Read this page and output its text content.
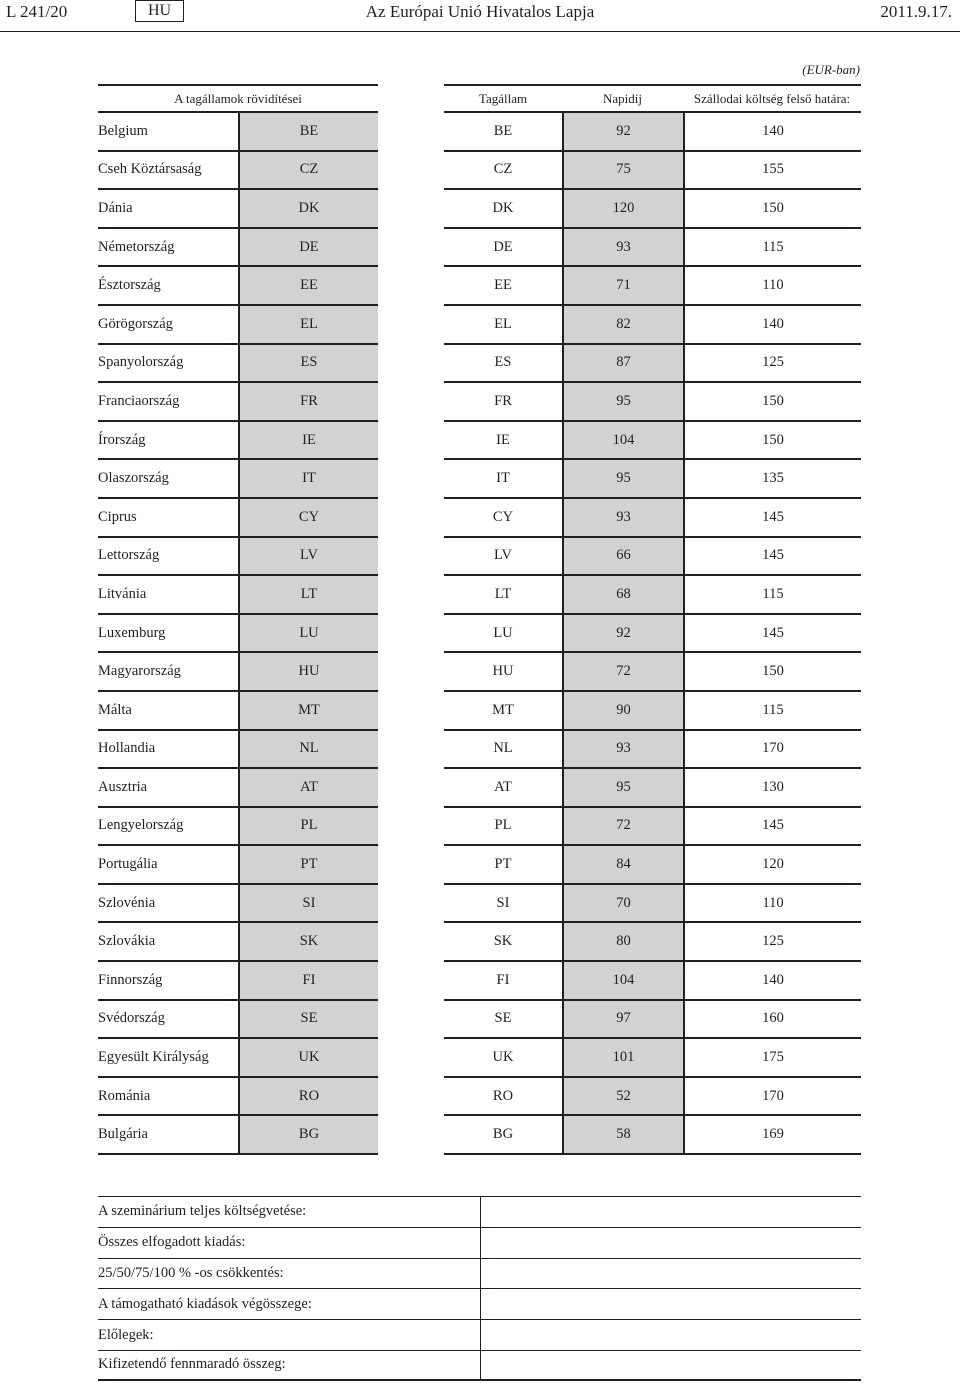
L 241/20	HU	Az Európai Unió Hivatalos Lapja	2011.9.17.
(EUR-ban)
A tagállamok rövidítései
Belgium	BE
Cseh Köztársaság	CZ
Dánia	DK
Németország	DE
Észtország	EE
Görögország	EL
Spanyolország	ES
Franciaország	FR
Írország	IE
Olaszország	IT
Ciprus	CY
Lettország	LV
Litvánia	LT
Luxemburg	LU
Magyarország	HU
Málta	MT
Hollandia	NL
Ausztria	AT
Lengyelország	PL
Portugália	PT
Szlovénia	SI
Szlovákia	SK
Finnország	FI
Svédország	SE
Egyesült Királyság	UK
Románia	RO
Bulgária	BG
Tagállam	Napidíj	Szállodai költség felső határa:
BE	92	140
CZ	75	155
DK	120	150
DE	93	115
EE	71	110
EL	82	140
ES	87	125
FR	95	150
IE	104	150
IT	95	135
CY	93	145
LV	66	145
LT	68	115
LU	92	145
HU	72	150
MT	90	115
NL	93	170
AT	95	130
PL	72	145
PT	84	120
SI	70	110
SK	80	125
FI	104	140
SE	97	160
UK	101	175
RO	52	170
BG	58	169
A szeminárium teljes költségvetése:
Összes elfogadott kiadás:
25/50/75/100 % -os csökkentés:
A támogatható kiadások végösszege:
Előlegek:
Kifizetendő fennmaradó összeg:
